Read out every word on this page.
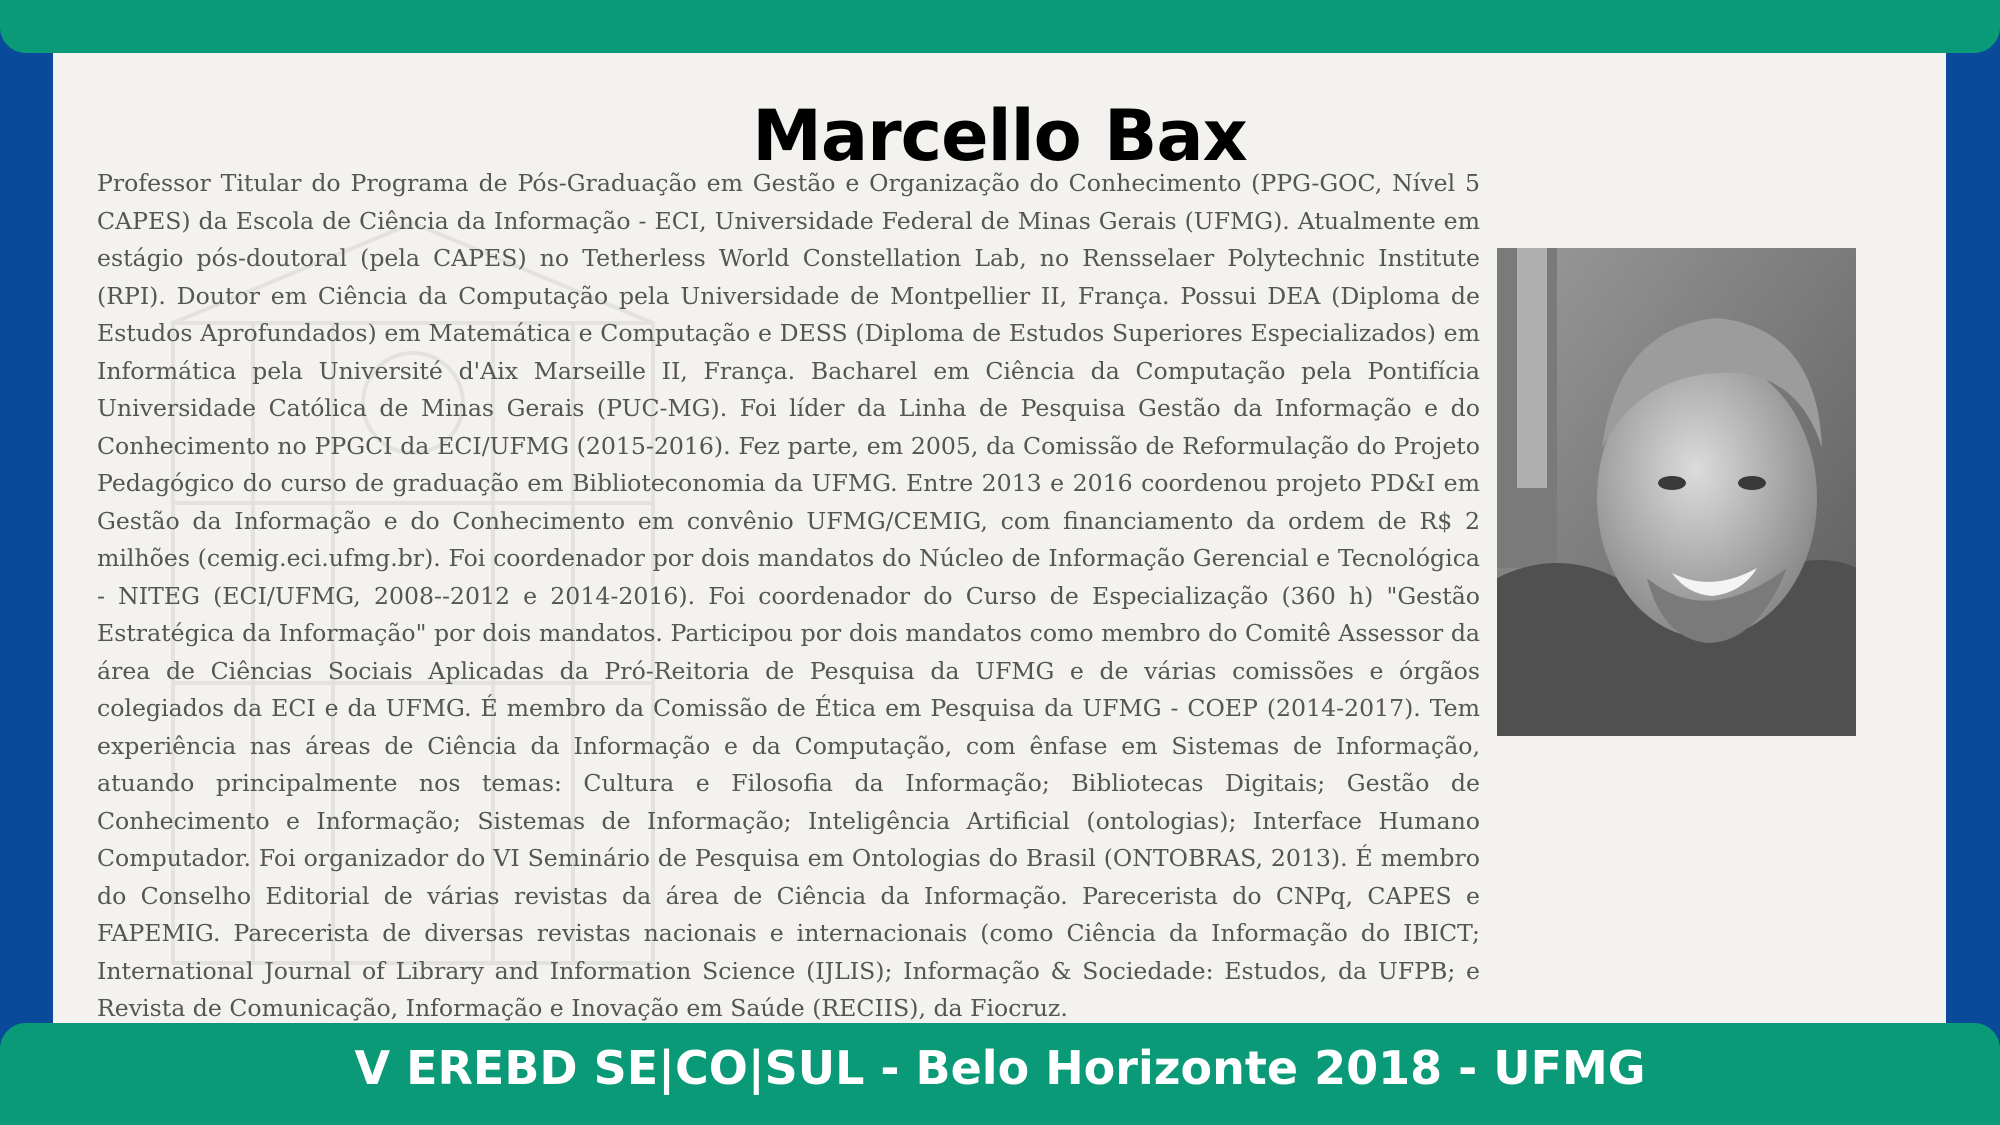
Marcello Bax

Professor Titular do Programa de Pós-Graduação em Gestão e Organização do Conhecimento (PPG-GOC, Nível 5 CAPES) da Escola de Ciência da Informação - ECI, Universidade Federal de Minas Gerais (UFMG). Atualmente em estágio pós-doutoral (pela CAPES) no Tetherless World Constellation Lab, no Rensselaer Polytechnic Institute (RPI). Doutor em Ciência da Computação pela Universidade de Montpellier II, França. Possui DEA (Diploma de Estudos Aprofundados) em Matemática e Computação e DESS (Diploma de Estudos Superiores Especializados) em Informática pela Université d'Aix Marseille II, França. Bacharel em Ciência da Computação pela Pontifícia Universidade Católica de Minas Gerais (PUC-MG). Foi líder da Linha de Pesquisa Gestão da Informação e do Conhecimento no PPGCI da ECI/UFMG (2015-2016). Fez parte, em 2005, da Comissão de Reformulação do Projeto Pedagógico do curso de graduação em Biblioteconomia da UFMG. Entre 2013 e 2016 coordenou projeto PD&I em Gestão da Informação e do Conhecimento em convênio UFMG/CEMIG, com financiamento da ordem de R$ 2 milhões (cemig.eci.ufmg.br). Foi coordenador por dois mandatos do Núcleo de Informação Gerencial e Tecnológica - NITEG (ECI/UFMG, 2008--2012 e 2014-2016). Foi coordenador do Curso de Especialização (360 h) "Gestão Estratégica da Informação" por dois mandatos. Participou por dois mandatos como membro do Comitê Assessor da área de Ciências Sociais Aplicadas da Pró-Reitoria de Pesquisa da UFMG e de várias comissões e órgãos colegiados da ECI e da UFMG. É membro da Comissão de Ética em Pesquisa da UFMG - COEP (2014-2017). Tem experiência nas áreas de Ciência da Informação e da Computação, com ênfase em Sistemas de Informação, atuando principalmente nos temas: Cultura e Filosofia da Informação; Bibliotecas Digitais; Gestão de Conhecimento e Informação; Sistemas de Informação; Inteligência Artificial (ontologias); Interface Humano Computador. Foi organizador do VI Seminário de Pesquisa em Ontologias do Brasil (ONTOBRAS, 2013). É membro do Conselho Editorial de várias revistas da área de Ciência da Informação. Parecerista do CNPq, CAPES e FAPEMIG. Parecerista de diversas revistas nacionais e internacionais (como Ciência da Informação do IBICT; International Journal of Library and Information Science (IJLIS); Informação & Sociedade: Estudos, da UFPB; e Revista de Comunicação, Informação e Inovação em Saúde (RECIIS), da Fiocruz.

V EREBD SE|CO|SUL - Belo Horizonte 2018 - UFMG
